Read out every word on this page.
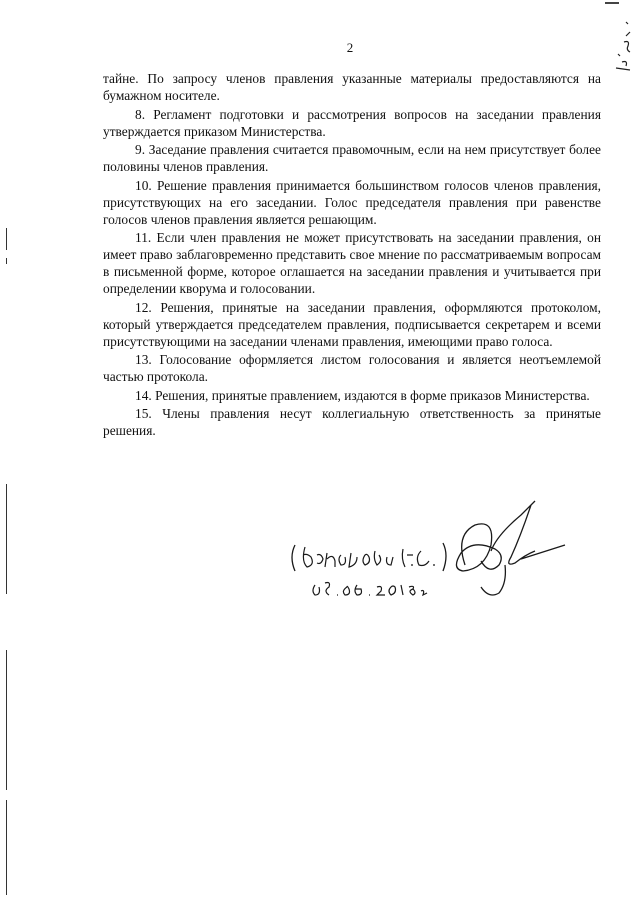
2

тайне. По запросу членов правления указанные материалы предоставляются на бумажном носителе.

8. Регламент подготовки и рассмотрения вопросов на заседании правления утверждается приказом Министерства.

9. Заседание правления считается правомочным, если на нем присутствует более половины членов правления.

10. Решение правления принимается большинством голосов членов правления, присутствующих на его заседании. Голос председателя правления при равенстве голосов членов правления является решающим.

11. Если член правления не может присутствовать на заседании правления, он имеет право заблаговременно представить свое мнение по рассматриваемым вопросам в письменной форме, которое оглашается на заседании правления и учитывается при определении кворума и голосовании.

12. Решения, принятые на заседании правления, оформляются протоколом, который утверждается председателем правления, подписывается секретарем и всеми присутствующими на заседании членами правления, имеющими право голоса.

13. Голосование оформляется листом голосования и является неотъемлемой частью протокола.

14. Решения, принятые правлением, издаются в форме приказов Министерства.

15. Члены правления несут коллегиальную ответственность за принятые решения.
